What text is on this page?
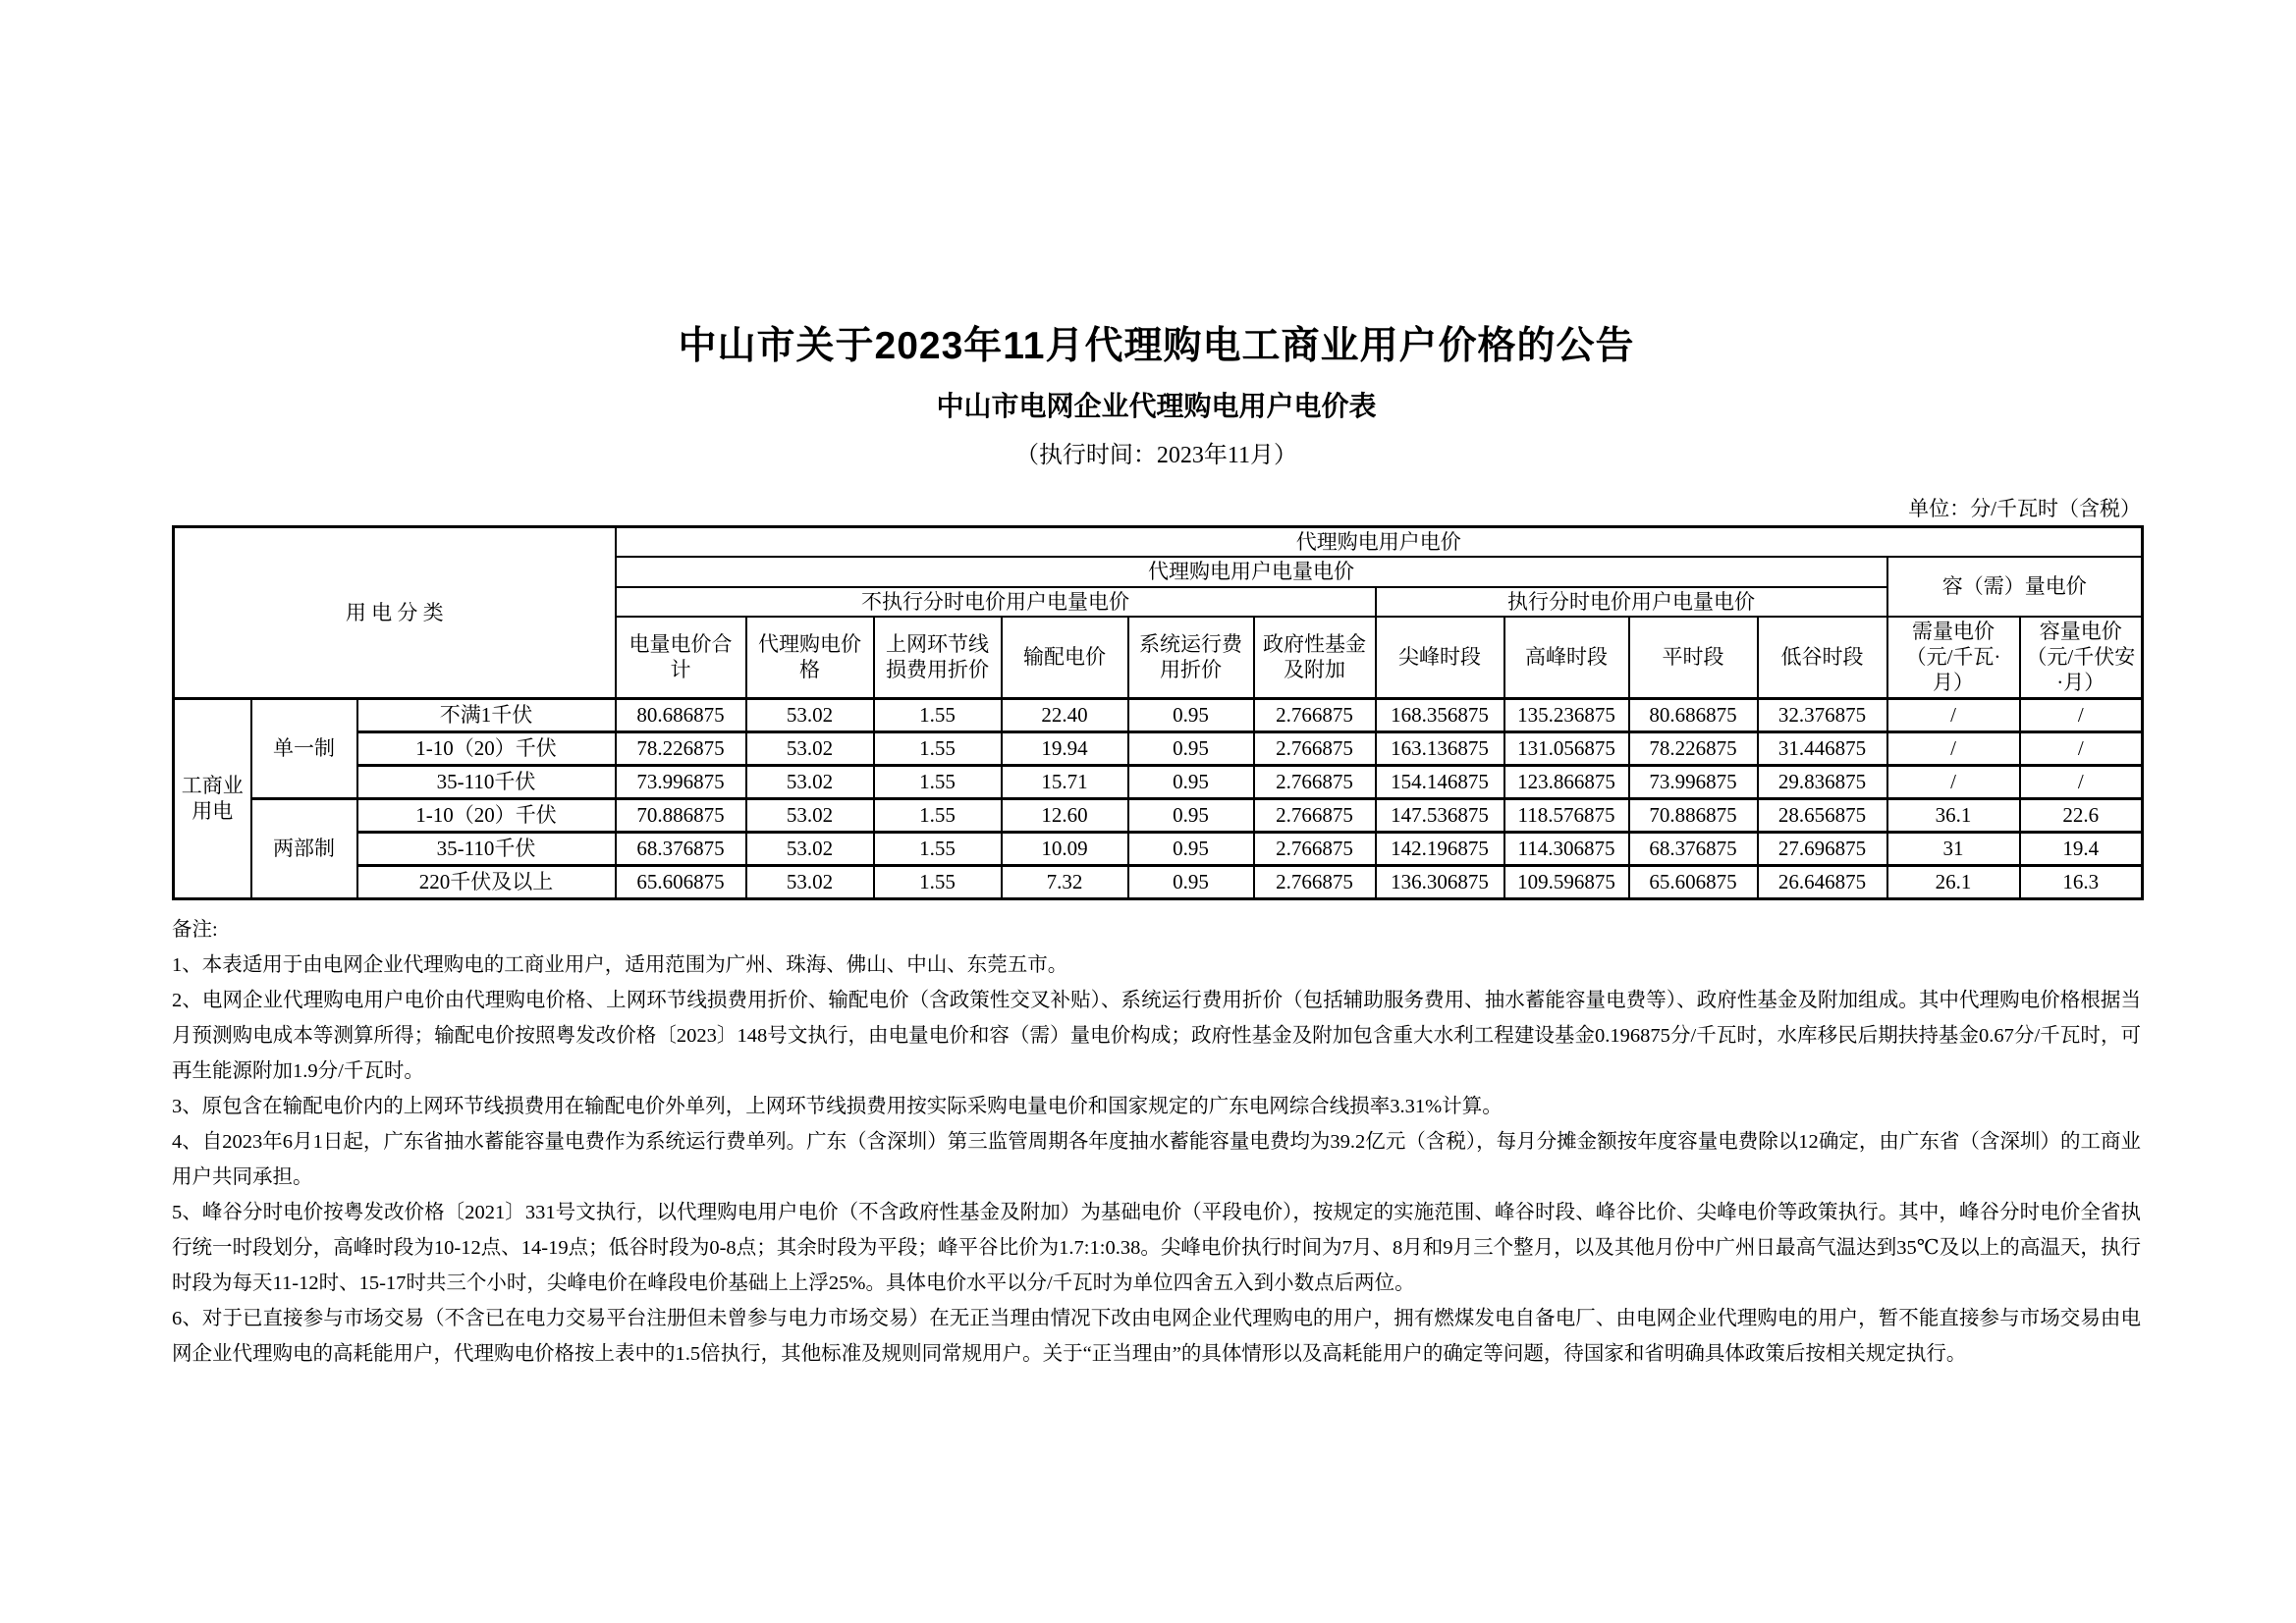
中山市关于2023年11月代理购电工商业用户价格的公告
中山市电网企业代理购电用户电价表
（执行时间：2023年11月）
单位：分/千瓦时（含税）
用 电 分 类			代理购电用户电价											
			代理购电用户电量电价										容（需）量电价	
			不执行分时电价用户电量电价						执行分时电价用户电量电价					
			电量电价合计	代理购电价格	上网环节线损费用折价	输配电价	系统运行费用折价	政府性基金及附加	尖峰时段	高峰时段	平时段	低谷时段	需量电价（元/千瓦·月）	容量电价（元/千伏安·月）
工商业用电	单一制	不满1千伏	80.686875	53.02	1.55	22.40	0.95	2.766875	168.356875	135.236875	80.686875	32.376875	/	/
		1-10（20）千伏	78.226875	53.02	1.55	19.94	0.95	2.766875	163.136875	131.056875	78.226875	31.446875	/	/
		35-110千伏	73.996875	53.02	1.55	15.71	0.95	2.766875	154.146875	123.866875	73.996875	29.836875	/	/
	两部制	1-10（20）千伏	70.886875	53.02	1.55	12.60	0.95	2.766875	147.536875	118.576875	70.886875	28.656875	36.1	22.6
		35-110千伏	68.376875	53.02	1.55	10.09	0.95	2.766875	142.196875	114.306875	68.376875	27.696875	31	19.4
		220千伏及以上	65.606875	53.02	1.55	7.32	0.95	2.766875	136.306875	109.596875	65.606875	26.646875	26.1	16.3
备注:

1、本表适用于由电网企业代理购电的工商业用户，适用范围为广州、珠海、佛山、中山、东莞五市。

2、电网企业代理购电用户电价由代理购电价格、上网环节线损费用折价、输配电价（含政策性交叉补贴）、系统运行费用折价（包括辅助服务费用、抽水蓄能容量电费等）、政府性基金及附加组成。其中代理购电价格根据当月预测购电成本等测算所得；输配电价按照粤发改价格〔2023〕148号文执行，由电量电价和容（需）量电价构成；政府性基金及附加包含重大水利工程建设基金0.196875分/千瓦时，水库移民后期扶持基金0.67分/千瓦时，可再生能源附加1.9分/千瓦时。

3、原包含在输配电价内的上网环节线损费用在输配电价外单列，上网环节线损费用按实际采购电量电价和国家规定的广东电网综合线损率3.31%计算。

4、自2023年6月1日起，广东省抽水蓄能容量电费作为系统运行费单列。广东（含深圳）第三监管周期各年度抽水蓄能容量电费均为39.2亿元（含税），每月分摊金额按年度容量电费除以12确定，由广东省（含深圳）的工商业用户共同承担。

5、峰谷分时电价按粤发改价格〔2021〕331号文执行，以代理购电用户电价（不含政府性基金及附加）为基础电价（平段电价），按规定的实施范围、峰谷时段、峰谷比价、尖峰电价等政策执行。其中，峰谷分时电价全省执行统一时段划分，高峰时段为10-12点、14-19点；低谷时段为0-8点；其余时段为平段；峰平谷比价为1.7:1:0.38。尖峰电价执行时间为7月、8月和9月三个整月，以及其他月份中广州日最高气温达到35℃及以上的高温天，执行时段为每天11-12时、15-17时共三个小时，尖峰电价在峰段电价基础上上浮25%。具体电价水平以分/千瓦时为单位四舍五入到小数点后两位。

6、对于已直接参与市场交易（不含已在电力交易平台注册但未曾参与电力市场交易）在无正当理由情况下改由电网企业代理购电的用户，拥有燃煤发电自备电厂、由电网企业代理购电的用户，暂不能直接参与市场交易由电网企业代理购电的高耗能用户，代理购电价格按上表中的1.5倍执行，其他标准及规则同常规用户。关于“正当理由”的具体情形以及高耗能用户的确定等问题，待国家和省明确具体政策后按相关规定执行。
